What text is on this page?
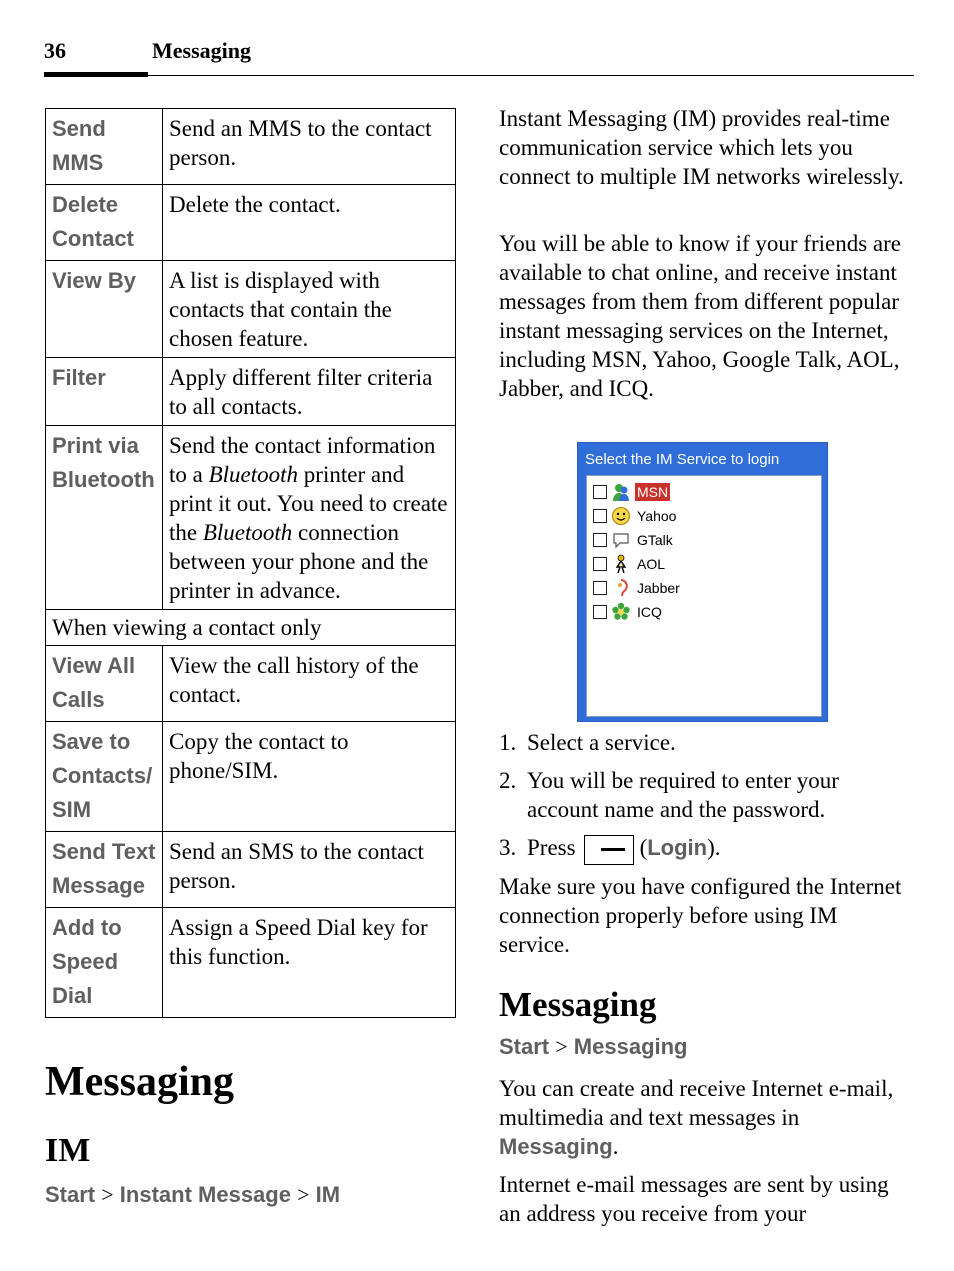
36	Messaging
Send
MMS	Send an MMS to the contact person.

Delete
Contact	Delete the contact.

View By	A list is displayed with contacts that contain the chosen feature.

Filter	Apply different filter criteria to all contacts.

Print via
Bluetooth	Send the contact information to a Bluetooth printer and print it out. You need to create the Bluetooth connection between your phone and the printer in advance.
When viewing a contact only	

View All
Calls	View the call history of the contact.

Save to
Contacts/
SIM	Copy the contact to phone/SIM.

Send Text
Message	Send an SMS to the contact person.

Add to
Speed
Dial	Assign a Speed Dial key for this function.
Messaging
IM
Start > Instant Message > IM

Instant Messaging (IM) provides real-time communication service which lets you connect to multiple IM networks wirelessly.

You will be able to know if your friends are available to chat online, and receive instant messages from them from different popular instant messaging services on the Internet, including MSN, Yahoo, Google Talk, AOL, Jabber, and ICQ.

Select the IM Service to login
MSN
Yahoo
GTalk
AOL
Jabber
ICQ
1. Select a service.
2. You will be required to enter your account name and the password.
3. Press	(Login).

Make sure you have configured the Internet connection properly before using IM service.

Messaging
Start > Messaging

You can create and receive Internet e-mail, multimedia and text messages in Messaging.

Internet e-mail messages are sent by using an address you receive from your
